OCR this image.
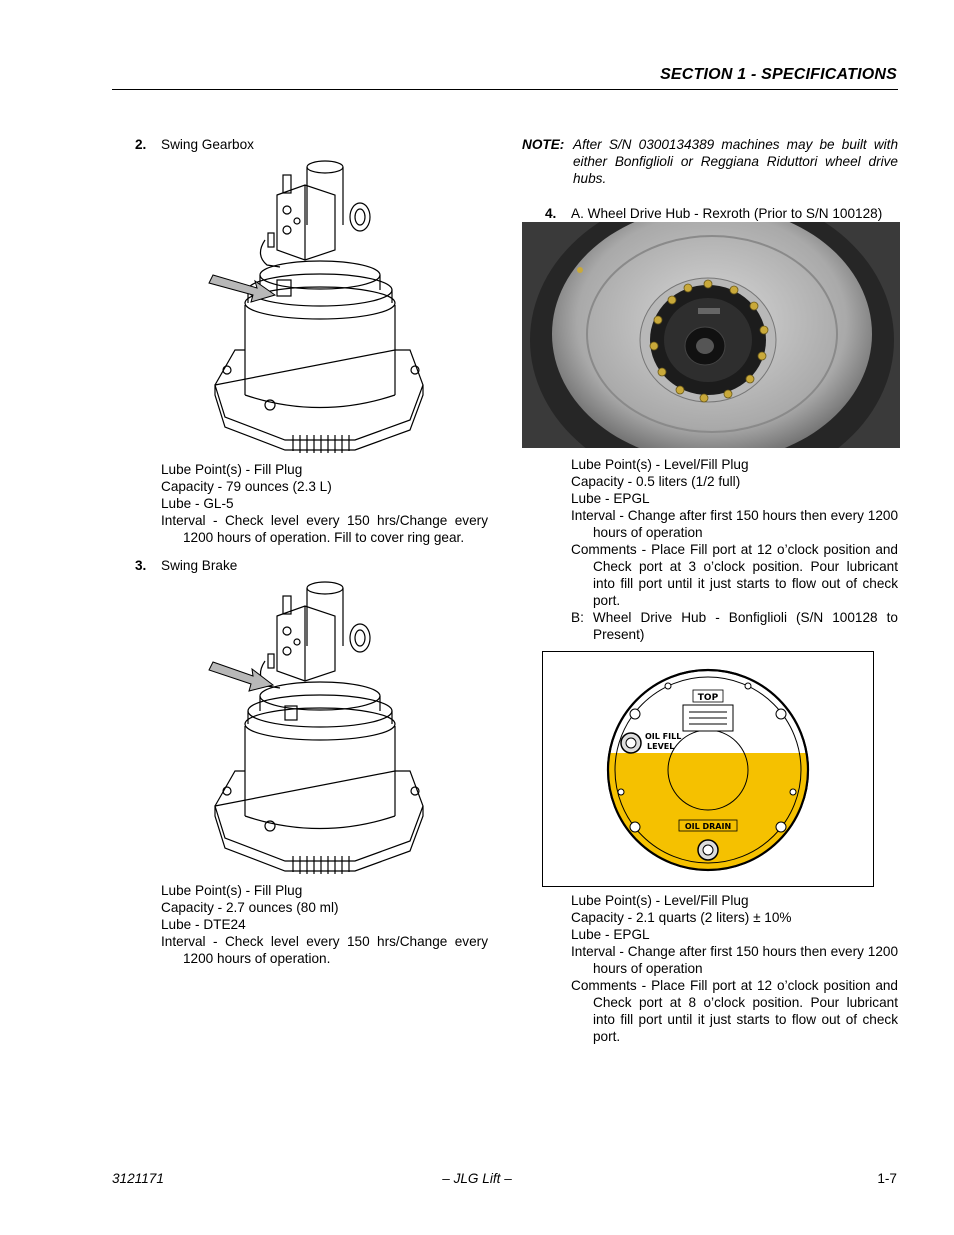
SECTION 1 - SPECIFICATIONS
2. Swing Gearbox
Lube Point(s) - Fill Plug
Capacity - 79 ounces (2.3 L)
Lube - GL-5
Interval - Check level every 150 hrs/Change every 1200 hours of operation. Fill to cover ring gear.
3. Swing Brake
Lube Point(s) - Fill Plug
Capacity - 2.7 ounces (80 ml)
Lube - DTE24
Interval - Check level every 150 hrs/Change every 1200 hours of operation.
NOTE: After S/N 0300134389 machines may be built with either Bonfiglioli or Reggiana Riduttori wheel drive hubs.
4. A. Wheel Drive Hub - Rexroth (Prior to S/N 100128)
Lube Point(s) - Level/Fill Plug
Capacity - 0.5 liters (1/2 full)
Lube - EPGL
Interval - Change after first 150 hours then every 1200 hours of operation
Comments - Place Fill port at 12 o’clock position and Check port at 3 o’clock position. Pour lubricant into fill port until it just starts to flow out of check port.
B: Wheel Drive Hub - Bonfiglioli (S/N 100128 to Present)
TOP
OIL FILL
LEVEL
OIL DRAIN
Lube Point(s) - Level/Fill Plug
Capacity - 2.1 quarts (2 liters) ± 10%
Lube - EPGL
Interval - Change after first 150 hours then every 1200 hours of operation
Comments - Place Fill port at 12 o’clock position and Check port at 8 o’clock position. Pour lubricant into fill port until it just starts to flow out of check port.
3121171	– JLG Lift –	1-7
